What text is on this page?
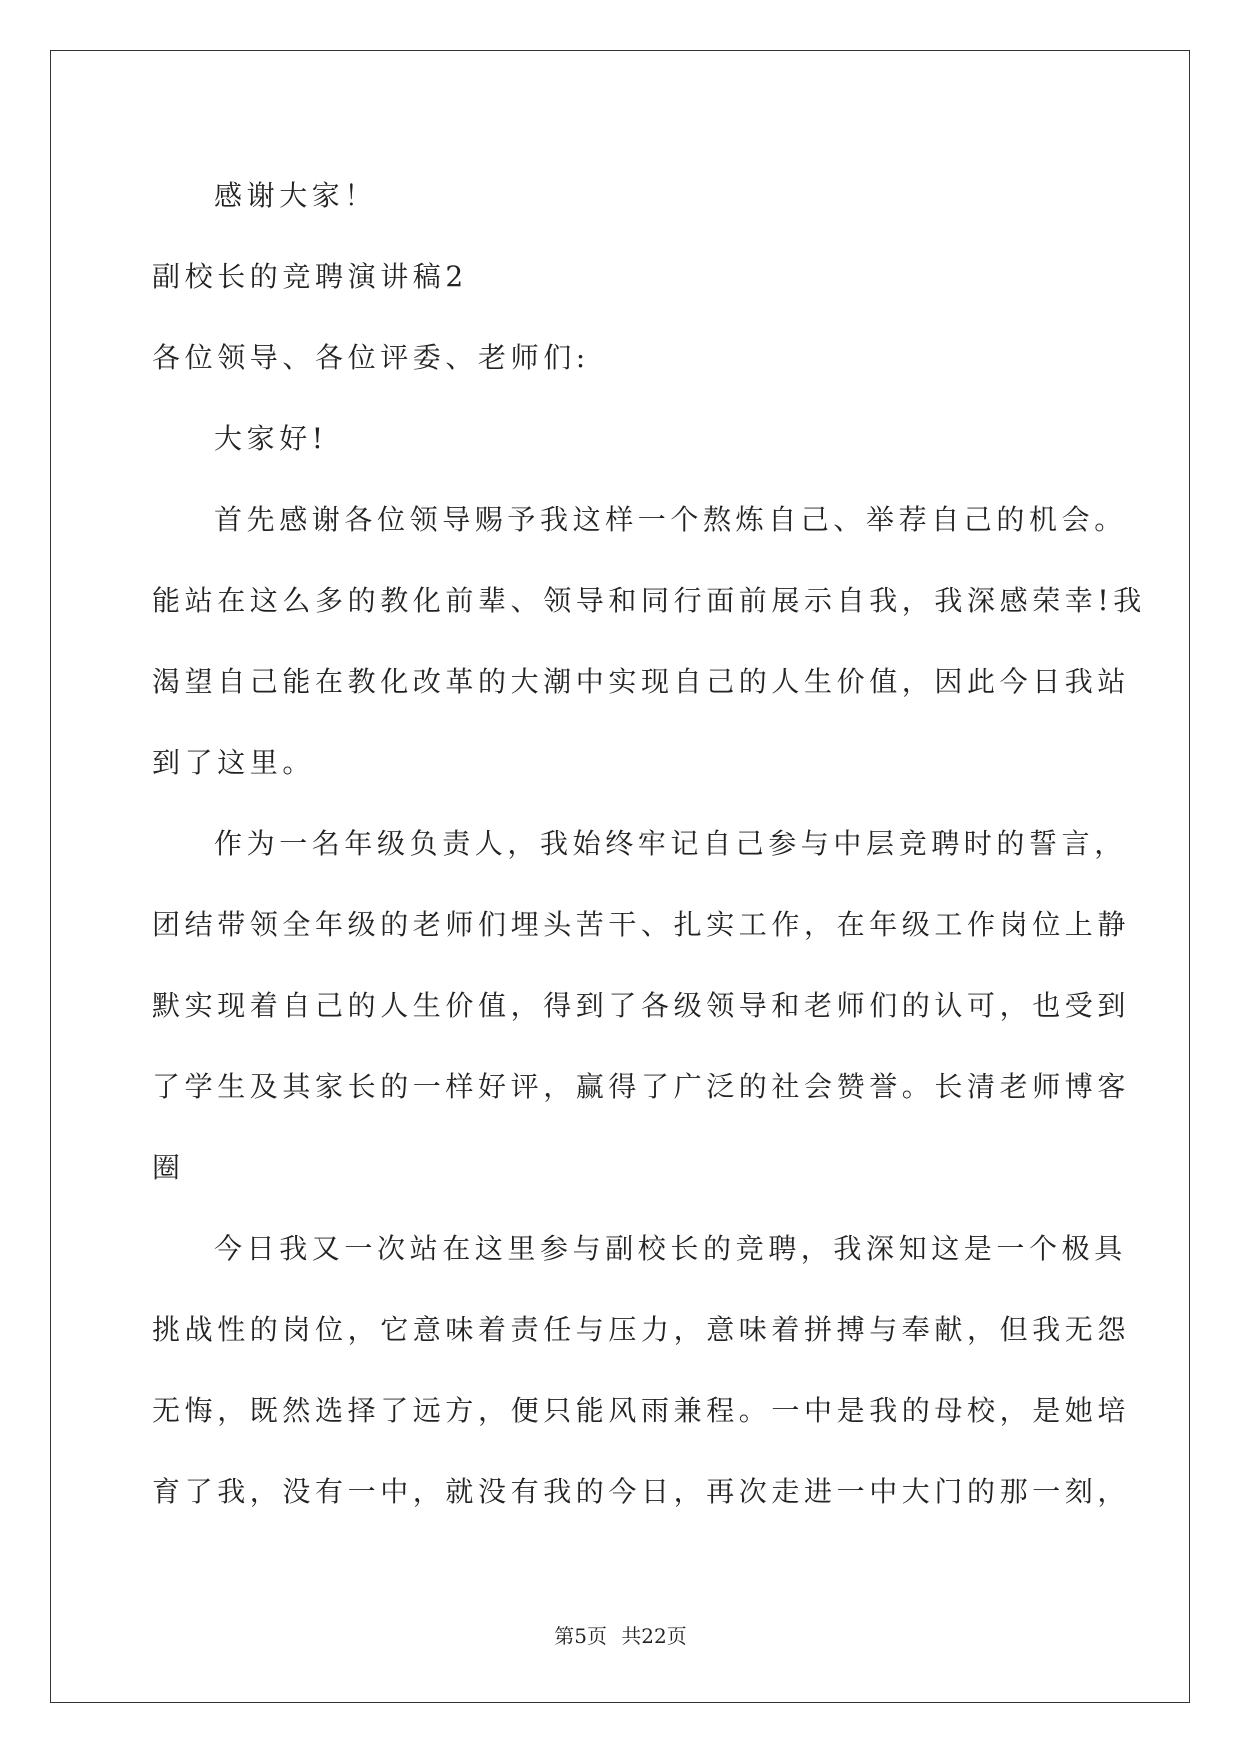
感谢大家！

副校长的竞聘演讲稿2

各位领导、各位评委、老师们:

大家好!

首先感谢各位领导赐予我这样一个熬炼自己、举荐自己的机会。
能站在这么多的教化前辈、领导和同行面前展示自我，我深感荣幸!我
渴望自己能在教化改革的大潮中实现自己的人生价值，因此今日我站
到了这里。

作为一名年级负责人，我始终牢记自己参与中层竞聘时的誓言，
团结带领全年级的老师们埋头苦干、扎实工作，在年级工作岗位上静
默实现着自己的人生价值，得到了各级领导和老师们的认可，也受到
了学生及其家长的一样好评，赢得了广泛的社会赞誉。长清老师博客
圈

今日我又一次站在这里参与副校长的竞聘，我深知这是一个极具
挑战性的岗位，它意味着责任与压力，意味着拼搏与奉献，但我无怨
无悔，既然选择了远方，便只能风雨兼程。一中是我的母校，是她培
育了我，没有一中，就没有我的今日，再次走进一中大门的那一刻，

第5页 共22页
